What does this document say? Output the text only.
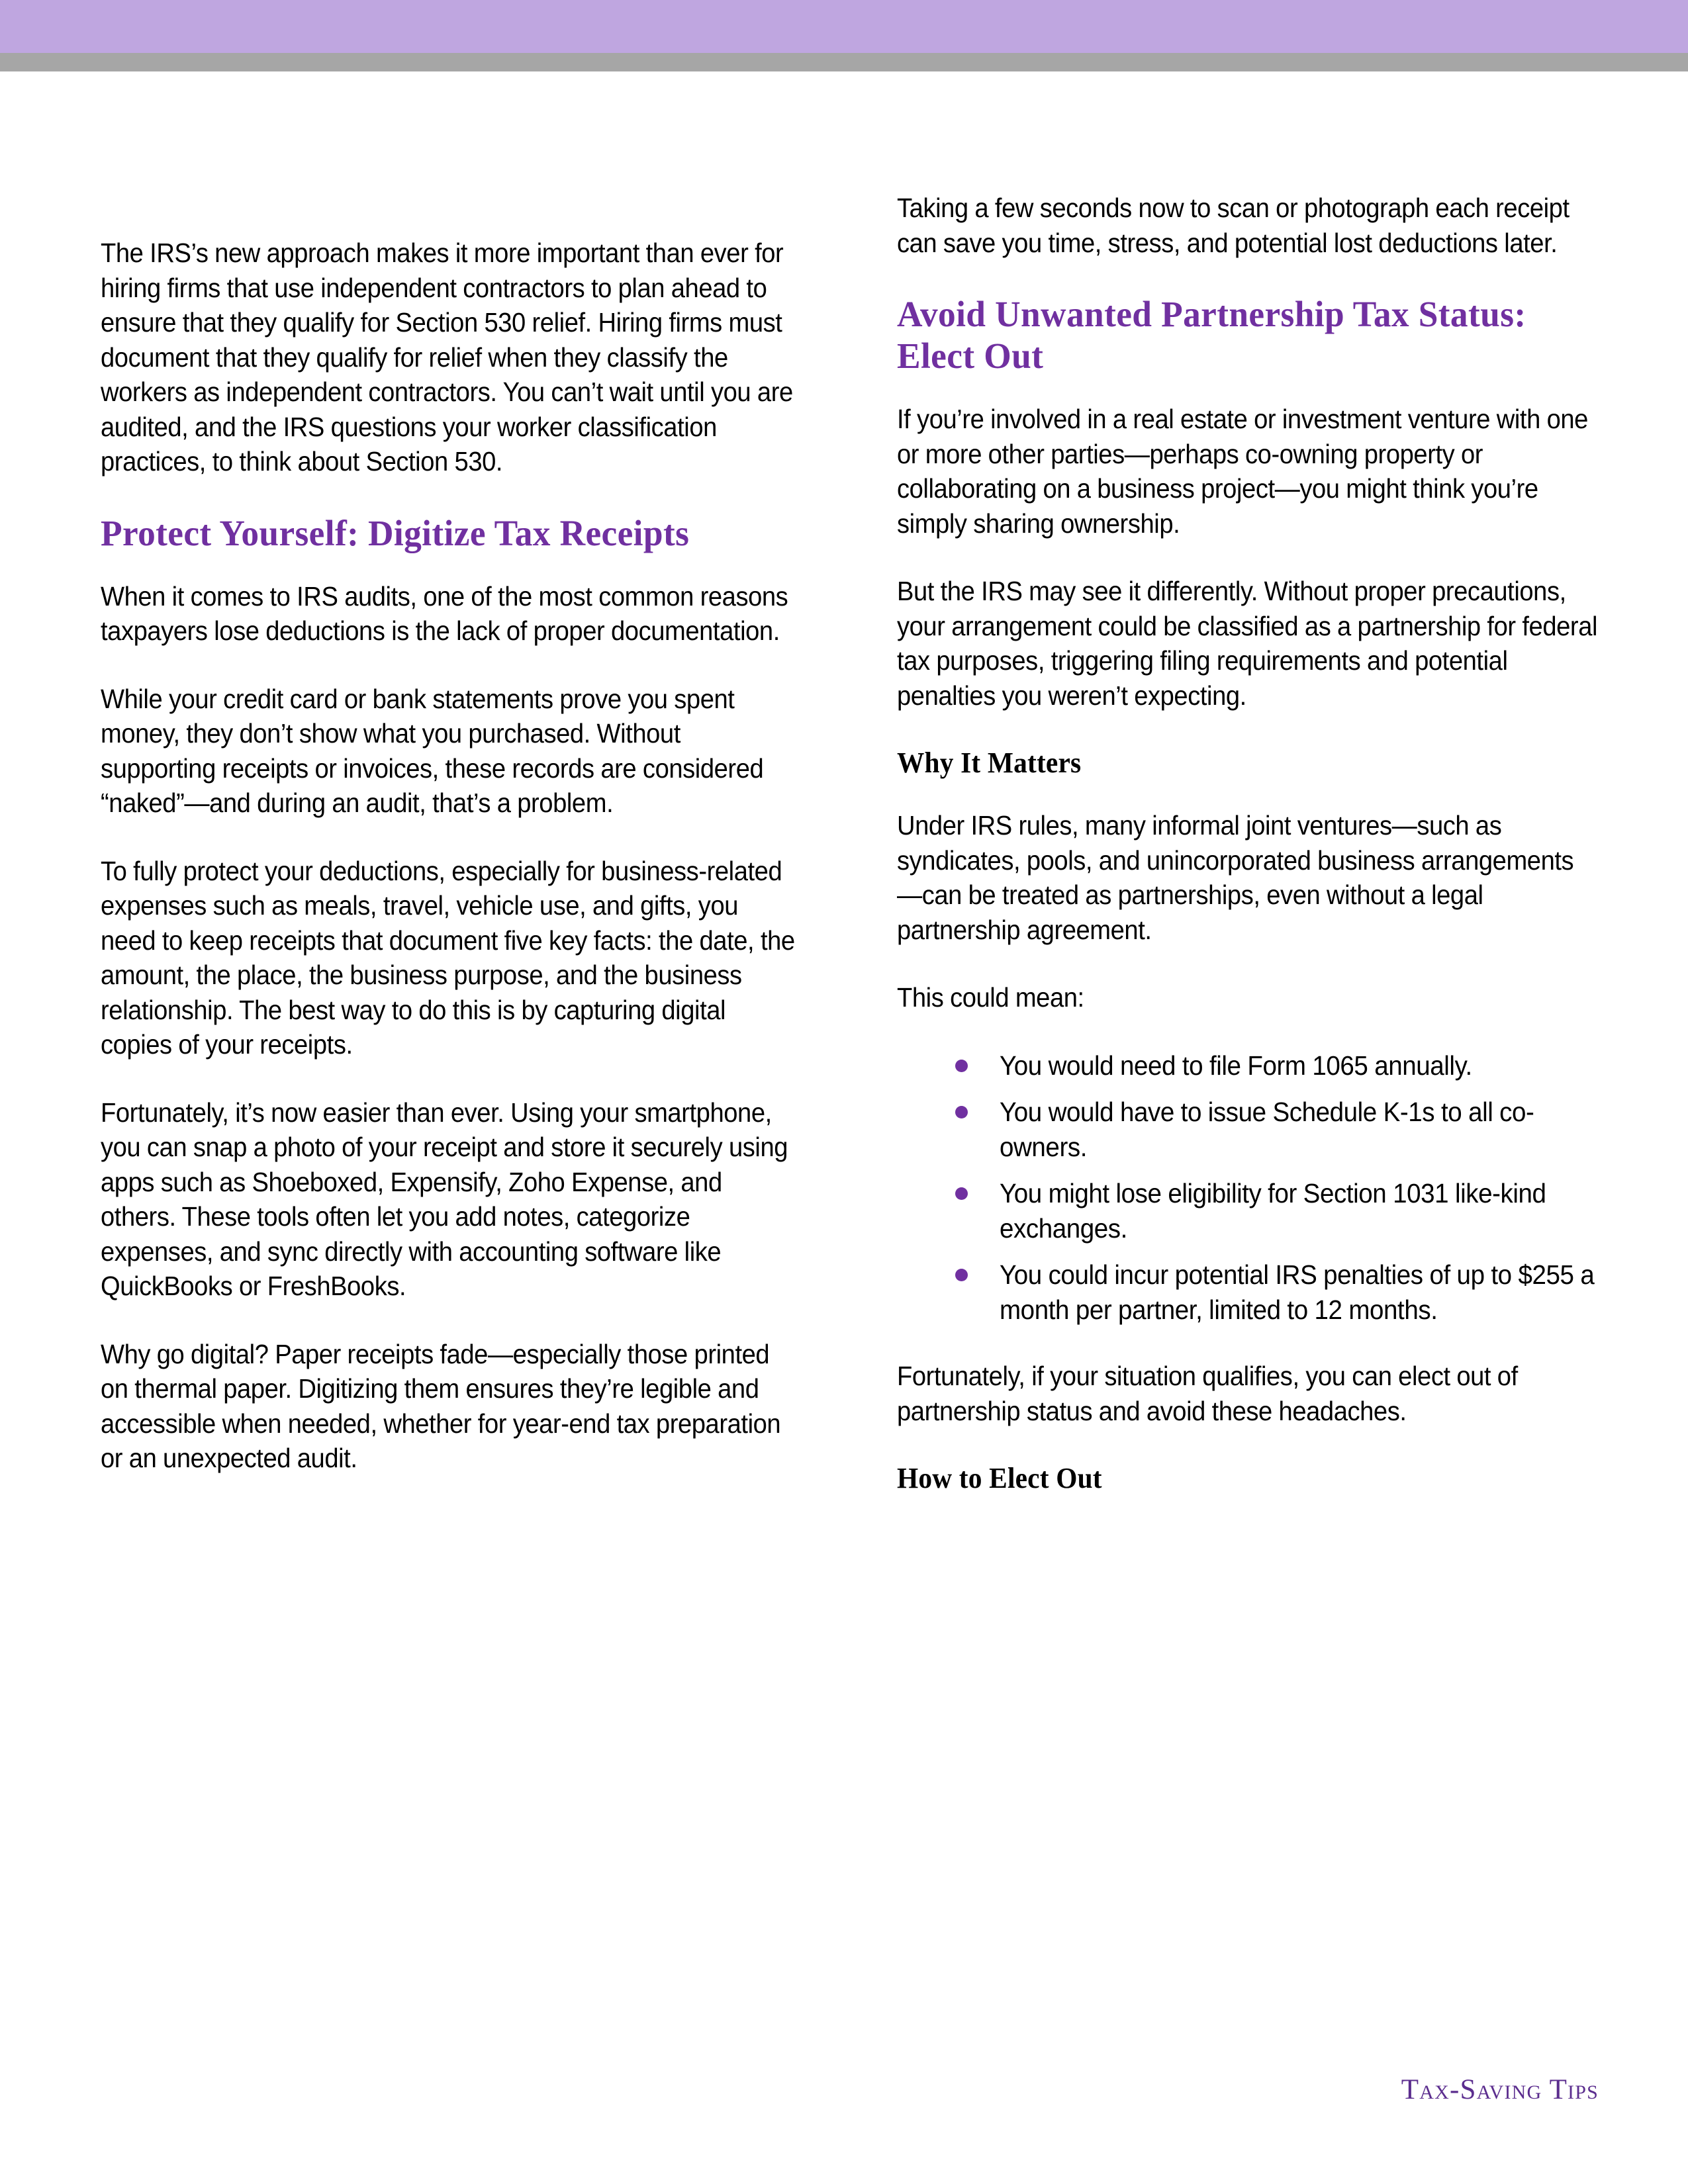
The IRS’s new approach makes it more important than ever for hiring firms that use independent contractors to plan ahead to ensure that they qualify for Section 530 relief. Hiring firms must document that they qualify for relief when they classify the workers as independent contractors. You can’t wait until you are audited, and the IRS questions your worker classification practices, to think about Section 530.

Protect Yourself: Digitize Tax Receipts

When it comes to IRS audits, one of the most common reasons taxpayers lose deductions is the lack of proper documentation.

While your credit card or bank statements prove you spent money, they don’t show what you purchased. Without supporting receipts or invoices, these records are considered “naked”—and during an audit, that’s a problem.

To fully protect your deductions, especially for business-related expenses such as meals, travel, vehicle use, and gifts, you need to keep receipts that document five key facts: the date, the amount, the place, the business purpose, and the business relationship. The best way to do this is by capturing digital copies of your receipts.

Fortunately, it’s now easier than ever. Using your smartphone, you can snap a photo of your receipt and store it securely using apps such as Shoeboxed, Expensify, Zoho Expense, and others. These tools often let you add notes, categorize expenses, and sync directly with accounting software like QuickBooks or FreshBooks.

Why go digital? Paper receipts fade—especially those printed on thermal paper. Digitizing them ensures they’re legible and accessible when needed, whether for year-end tax preparation or an unexpected audit.

Taking a few seconds now to scan or photograph each receipt can save you time, stress, and potential lost deductions later.

Avoid Unwanted Partnership Tax Status: Elect Out

If you’re involved in a real estate or investment venture with one or more other parties—perhaps co-owning property or collaborating on a business project—you might think you’re simply sharing ownership.

But the IRS may see it differently. Without proper precautions, your arrangement could be classified as a partnership for federal tax purposes, triggering filing requirements and potential penalties you weren’t expecting.

Why It Matters

Under IRS rules, many informal joint ventures—such as syndicates, pools, and unincorporated business arrangements—can be treated as partnerships, even without a legal partnership agreement.

This could mean:

You would need to file Form 1065 annually.
You would have to issue Schedule K-1s to all co-owners.
You might lose eligibility for Section 1031 like-kind exchanges.
You could incur potential IRS penalties of up to $255 a month per partner, limited to 12 months.

Fortunately, if your situation qualifies, you can elect out of partnership status and avoid these headaches.

How to Elect Out
Tax-Saving Tips
